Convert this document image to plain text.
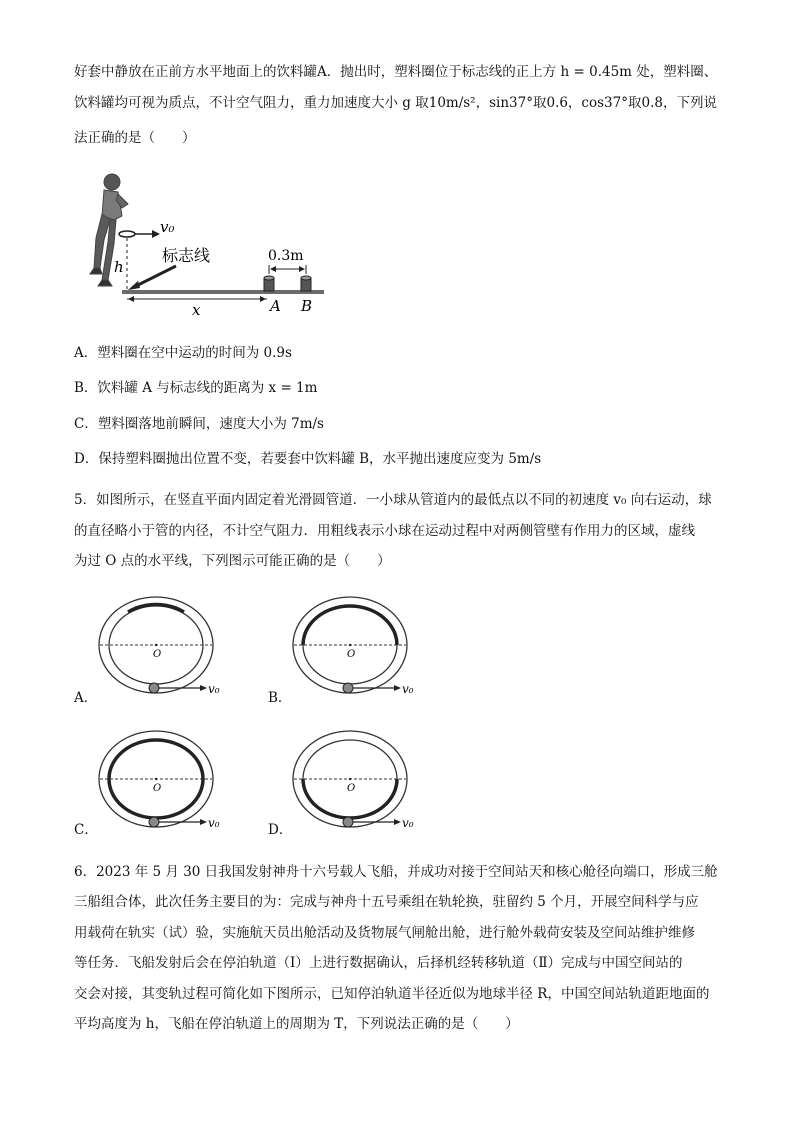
好套中静放在正前方水平地面上的饮料罐A．抛出时，塑料圈位于标志线的正上方 h = 0.45m 处，塑料圈、
饮料罐均可视为质点，不计空气阻力，重力加速度大小 g 取10m/s²，sin37°取0.6，cos37°取0.8，下列说
法正确的是（　　）
v₀
h
标志线	0.3m
x	A B
A．塑料圈在空中运动的时间为 0.9s
B．饮料罐 A 与标志线的距离为 x = 1m
C．塑料圈落地前瞬间，速度大小为 7m/s
D．保持塑料圈抛出位置不变，若要套中饮料罐 B，水平抛出速度应变为 5m/s
5．如图所示，在竖直平面内固定着光滑圆管道．一小球从管道内的最低点以不同的初速度 v₀ 向右运动，球
的直径略小于管的内径，不计空气阻力．用粗线表示小球在运动过程中对两侧管壁有作用力的区域，虚线
为过 O 点的水平线，下列图示可能正确的是（　　）
A．
O
v₀
B．
O
v₀
C．
O
v₀	D．
O
v₀
6．2023 年 5 月 30 日我国发射神舟十六号载人飞船，并成功对接于空间站天和核心舱径向端口，形成三舱
三船组合体，此次任务主要目的为：完成与神舟十五号乘组在轨轮换，驻留约 5 个月，开展空间科学与应
用载荷在轨实（试）验，实施航天员出舱活动及货物展气闸舱出舱，进行舱外载荷安装及空间站维护维修
等任务．飞船发射后会在停泊轨道（Ⅰ）上进行数据确认，后择机经转移轨道（Ⅱ）完成与中国空间站的
交会对接，其变轨过程可简化如下图所示，已知停泊轨道半径近似为地球半径 R，中国空间站轨道距地面的
平均高度为 h，飞船在停泊轨道上的周期为 T，下列说法正确的是（　　）
